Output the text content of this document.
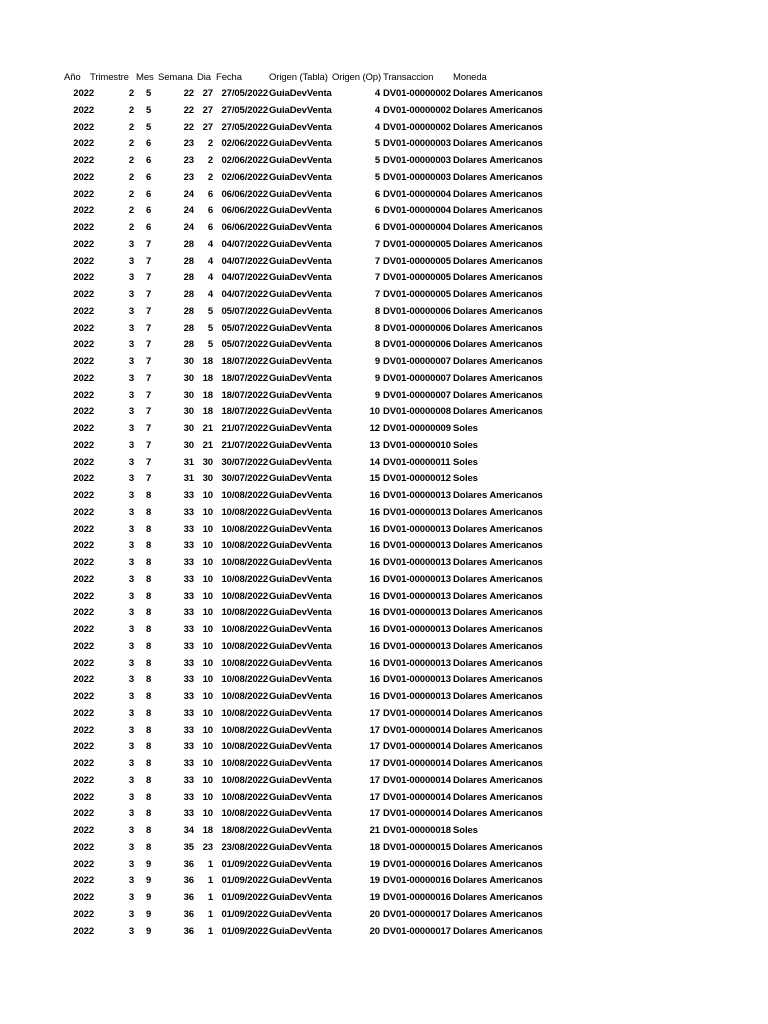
Año Trimestre Mes Semana Dia Fecha	Origen (Tabla) Origen (Op) Transaccion	Moneda
2022	2 5	22 27 27/05/2022 GuiaDevVenta	4 DV01-00000002 Dolares Americanos
2022	2 5	22 27 27/05/2022 GuiaDevVenta	4 DV01-00000002 Dolares Americanos
2022	2 5	22 27 27/05/2022 GuiaDevVenta	4 DV01-00000002 Dolares Americanos
2022	2 6	23	2 02/06/2022 GuiaDevVenta	5 DV01-00000003 Dolares Americanos
2022	2 6	23	2 02/06/2022 GuiaDevVenta	5 DV01-00000003 Dolares Americanos
2022	2 6	23	2 02/06/2022 GuiaDevVenta	5 DV01-00000003 Dolares Americanos
2022	2 6	24	6 06/06/2022 GuiaDevVenta	6 DV01-00000004 Dolares Americanos
2022	2 6	24	6 06/06/2022 GuiaDevVenta	6 DV01-00000004 Dolares Americanos
2022	2 6	24	6 06/06/2022 GuiaDevVenta	6 DV01-00000004 Dolares Americanos
2022	3 7	28	4 04/07/2022 GuiaDevVenta	7 DV01-00000005 Dolares Americanos
2022	3 7	28	4 04/07/2022 GuiaDevVenta	7 DV01-00000005 Dolares Americanos
2022	3 7	28	4 04/07/2022 GuiaDevVenta	7 DV01-00000005 Dolares Americanos
2022	3 7	28	4 04/07/2022 GuiaDevVenta	7 DV01-00000005 Dolares Americanos
2022	3 7	28	5 05/07/2022 GuiaDevVenta	8 DV01-00000006 Dolares Americanos
2022	3 7	28	5 05/07/2022 GuiaDevVenta	8 DV01-00000006 Dolares Americanos
2022	3 7	28	5 05/07/2022 GuiaDevVenta	8 DV01-00000006 Dolares Americanos
2022	3 7	30 18 18/07/2022 GuiaDevVenta	9 DV01-00000007 Dolares Americanos
2022	3 7	30 18 18/07/2022 GuiaDevVenta	9 DV01-00000007 Dolares Americanos
2022	3 7	30 18 18/07/2022 GuiaDevVenta	9 DV01-00000007 Dolares Americanos
2022	3 7	30 18 18/07/2022 GuiaDevVenta	10 DV01-00000008 Dolares Americanos
2022	3 7	30 21 21/07/2022 GuiaDevVenta	12 DV01-00000009 Soles
2022	3 7	30 21 21/07/2022 GuiaDevVenta	13 DV01-00000010 Soles
2022	3 7	31 30 30/07/2022 GuiaDevVenta	14 DV01-00000011 Soles
2022	3 7	31 30 30/07/2022 GuiaDevVenta	15 DV01-00000012 Soles
2022	3 8	33 10 10/08/2022 GuiaDevVenta	16 DV01-00000013 Dolares Americanos
2022	3 8	33 10 10/08/2022 GuiaDevVenta	16 DV01-00000013 Dolares Americanos
2022	3 8	33 10 10/08/2022 GuiaDevVenta	16 DV01-00000013 Dolares Americanos
2022	3 8	33 10 10/08/2022 GuiaDevVenta	16 DV01-00000013 Dolares Americanos
2022	3 8	33 10 10/08/2022 GuiaDevVenta	16 DV01-00000013 Dolares Americanos
2022	3 8	33 10 10/08/2022 GuiaDevVenta	16 DV01-00000013 Dolares Americanos
2022	3 8	33 10 10/08/2022 GuiaDevVenta	16 DV01-00000013 Dolares Americanos
2022	3 8	33 10 10/08/2022 GuiaDevVenta	16 DV01-00000013 Dolares Americanos
2022	3 8	33 10 10/08/2022 GuiaDevVenta	16 DV01-00000013 Dolares Americanos
2022	3 8	33 10 10/08/2022 GuiaDevVenta	16 DV01-00000013 Dolares Americanos
2022	3 8	33 10 10/08/2022 GuiaDevVenta	16 DV01-00000013 Dolares Americanos
2022	3 8	33 10 10/08/2022 GuiaDevVenta	16 DV01-00000013 Dolares Americanos
2022	3 8	33 10 10/08/2022 GuiaDevVenta	16 DV01-00000013 Dolares Americanos
2022	3 8	33 10 10/08/2022 GuiaDevVenta	17 DV01-00000014 Dolares Americanos
2022	3 8	33 10 10/08/2022 GuiaDevVenta	17 DV01-00000014 Dolares Americanos
2022	3 8	33 10 10/08/2022 GuiaDevVenta	17 DV01-00000014 Dolares Americanos
2022	3 8	33 10 10/08/2022 GuiaDevVenta	17 DV01-00000014 Dolares Americanos
2022	3 8	33 10 10/08/2022 GuiaDevVenta	17 DV01-00000014 Dolares Americanos
2022	3 8	33 10 10/08/2022 GuiaDevVenta	17 DV01-00000014 Dolares Americanos
2022	3 8	33 10 10/08/2022 GuiaDevVenta	17 DV01-00000014 Dolares Americanos
2022	3 8	34 18 18/08/2022 GuiaDevVenta	21 DV01-00000018 Soles
2022	3 8	35 23 23/08/2022 GuiaDevVenta	18 DV01-00000015 Dolares Americanos
2022	3 9	36	1 01/09/2022 GuiaDevVenta	19 DV01-00000016 Dolares Americanos
2022	3 9	36	1 01/09/2022 GuiaDevVenta	19 DV01-00000016 Dolares Americanos
2022	3 9	36	1 01/09/2022 GuiaDevVenta	19 DV01-00000016 Dolares Americanos
2022	3 9	36	1 01/09/2022 GuiaDevVenta	20 DV01-00000017 Dolares Americanos
2022	3 9	36	1 01/09/2022 GuiaDevVenta	20 DV01-00000017 Dolares Americanos
